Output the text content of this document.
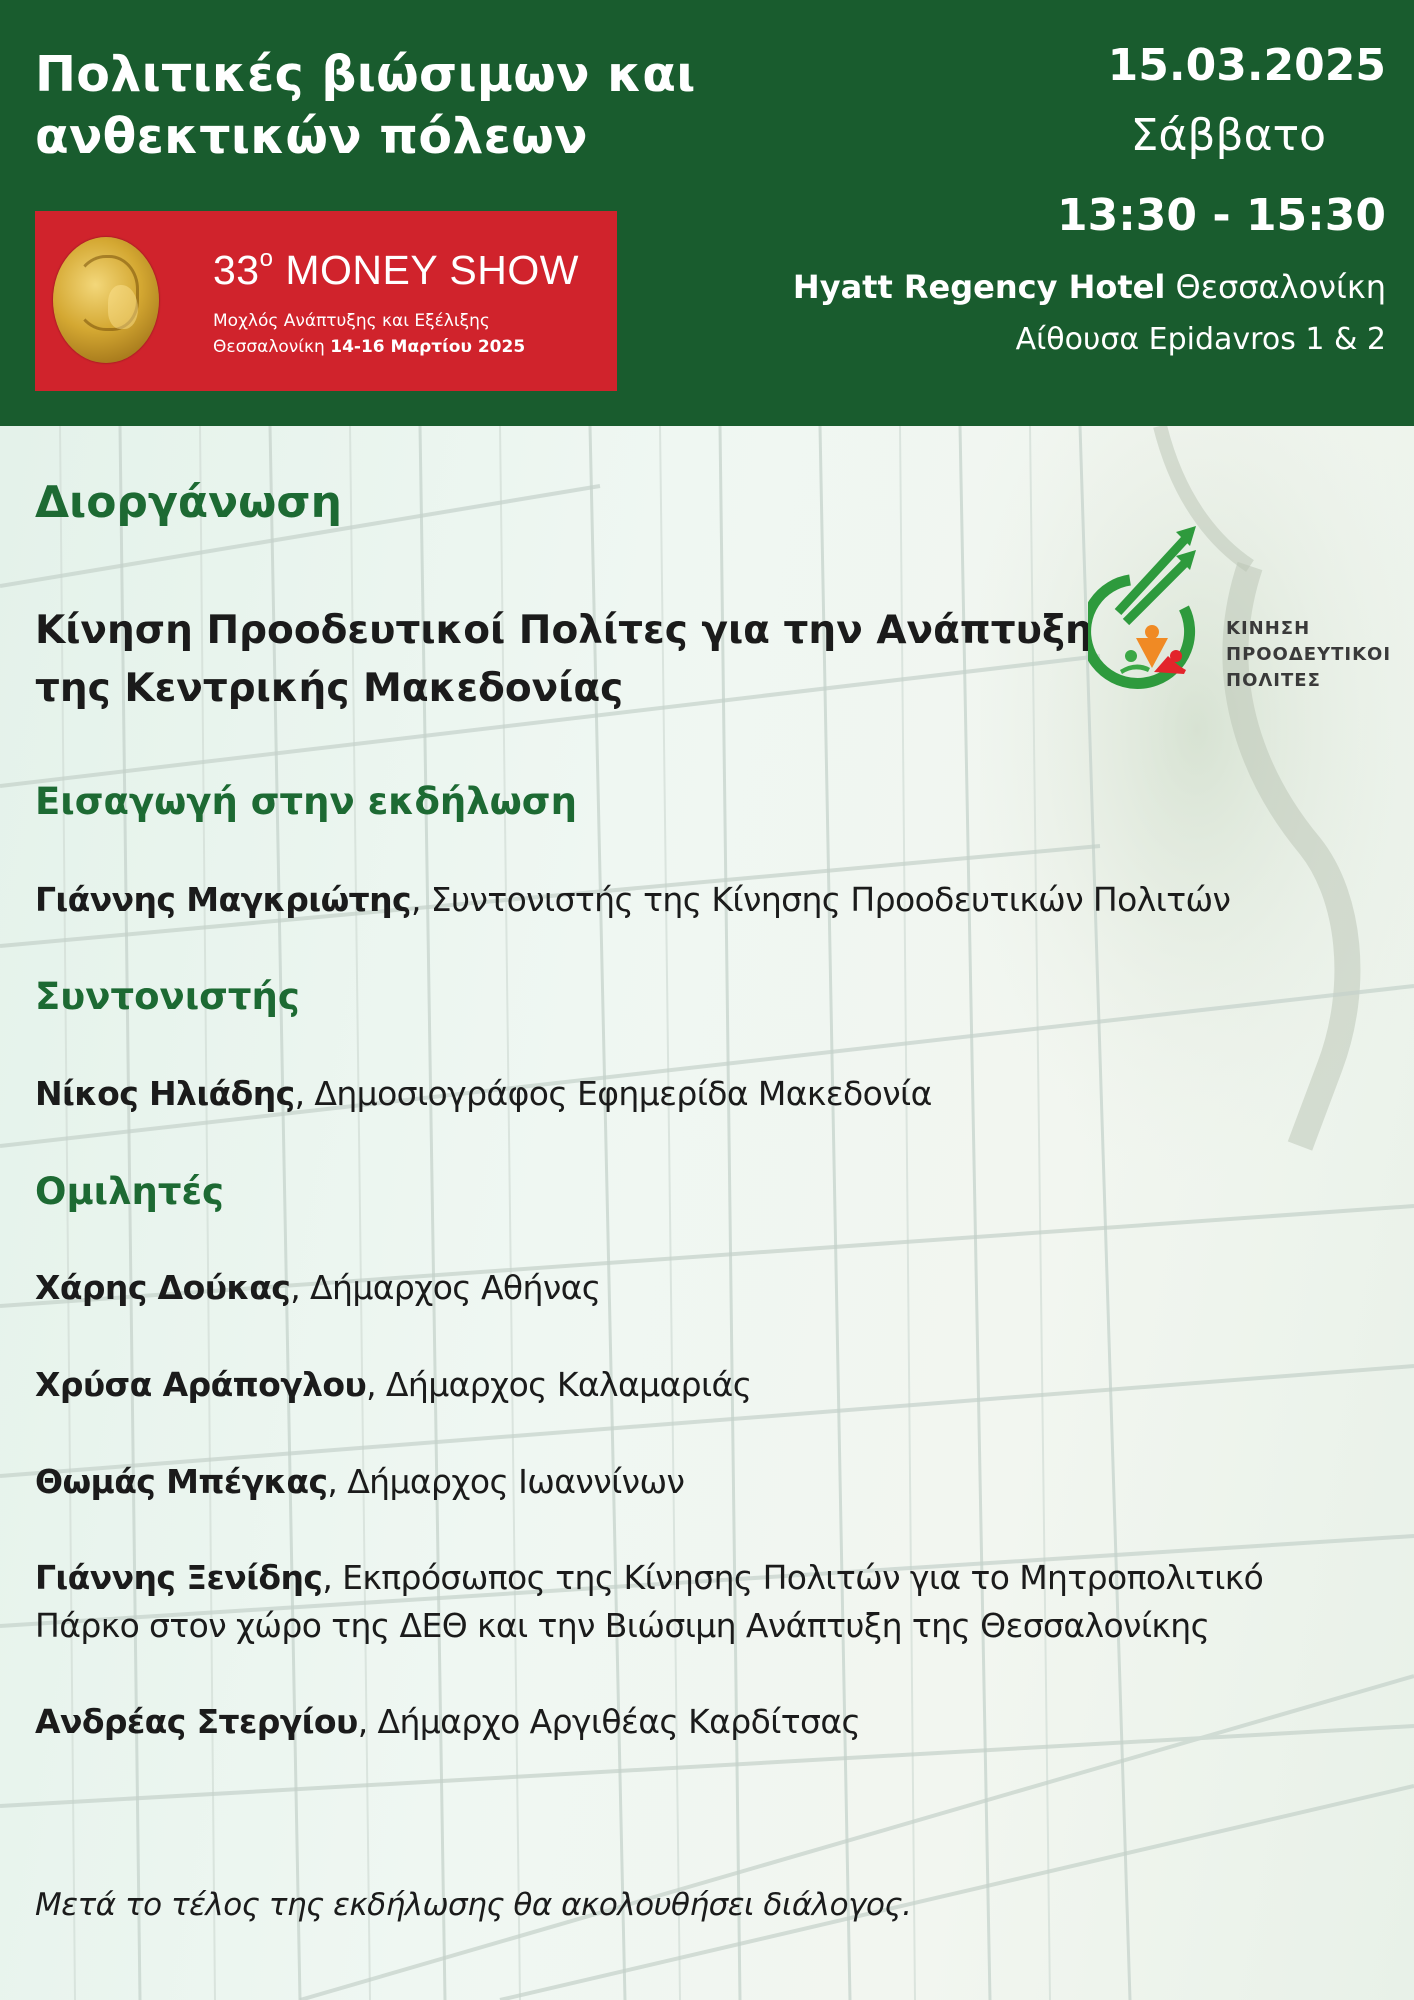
Πολιτικές βιώσιμων και
ανθεκτικών πόλεων
$33^o$ MONEY SHOW
Μοχλός Ανάπτυξης και Εξέλιξης
Θεσσαλονίκη 14-16 Μαρτίου 2025
15.03.2025
Σάββατο
13:30 - 15:30
Hyatt Regency Hotel Θεσσαλονίκη
Αίθουσα Epidavros 1 & 2
Διοργάνωση

Κίνηση Προοδευτικοί Πολίτες για την Ανάπτυξη
της Κεντρικής Μακεδονίας

ΚΙΝΗΣΗ
ΠΡΟΟΔΕΥΤΙΚΟΙ
ΠΟΛΙΤΕΣ
Εισαγωγή στην εκδήλωση
Γιάννης Μαγκριώτης, Συντονιστής της Κίνησης Προοδευτικών Πολιτών
Συντονιστής
Νίκος Ηλιάδης, Δημοσιογράφος Εφημερίδα Μακεδονία
Ομιλητές
Χάρης Δούκας, Δήμαρχος Αθήνας
Χρύσα Αράπογλου, Δήμαρχος Καλαμαριάς
Θωμάς Μπέγκας, Δήμαρχος Ιωαννίνων
Γιάννης Ξενίδης, Εκπρόσωπος της Κίνησης Πολιτών για το Μητροπολιτικό
Πάρκο στον χώρο της ΔΕΘ και την Βιώσιμη Ανάπτυξη της Θεσσαλονίκης
Ανδρέας Στεργίου, Δήμαρχο Αργιθέας Καρδίτσας
Μετά το τέλος της εκδήλωσης θα ακολουθήσει διάλογος.
